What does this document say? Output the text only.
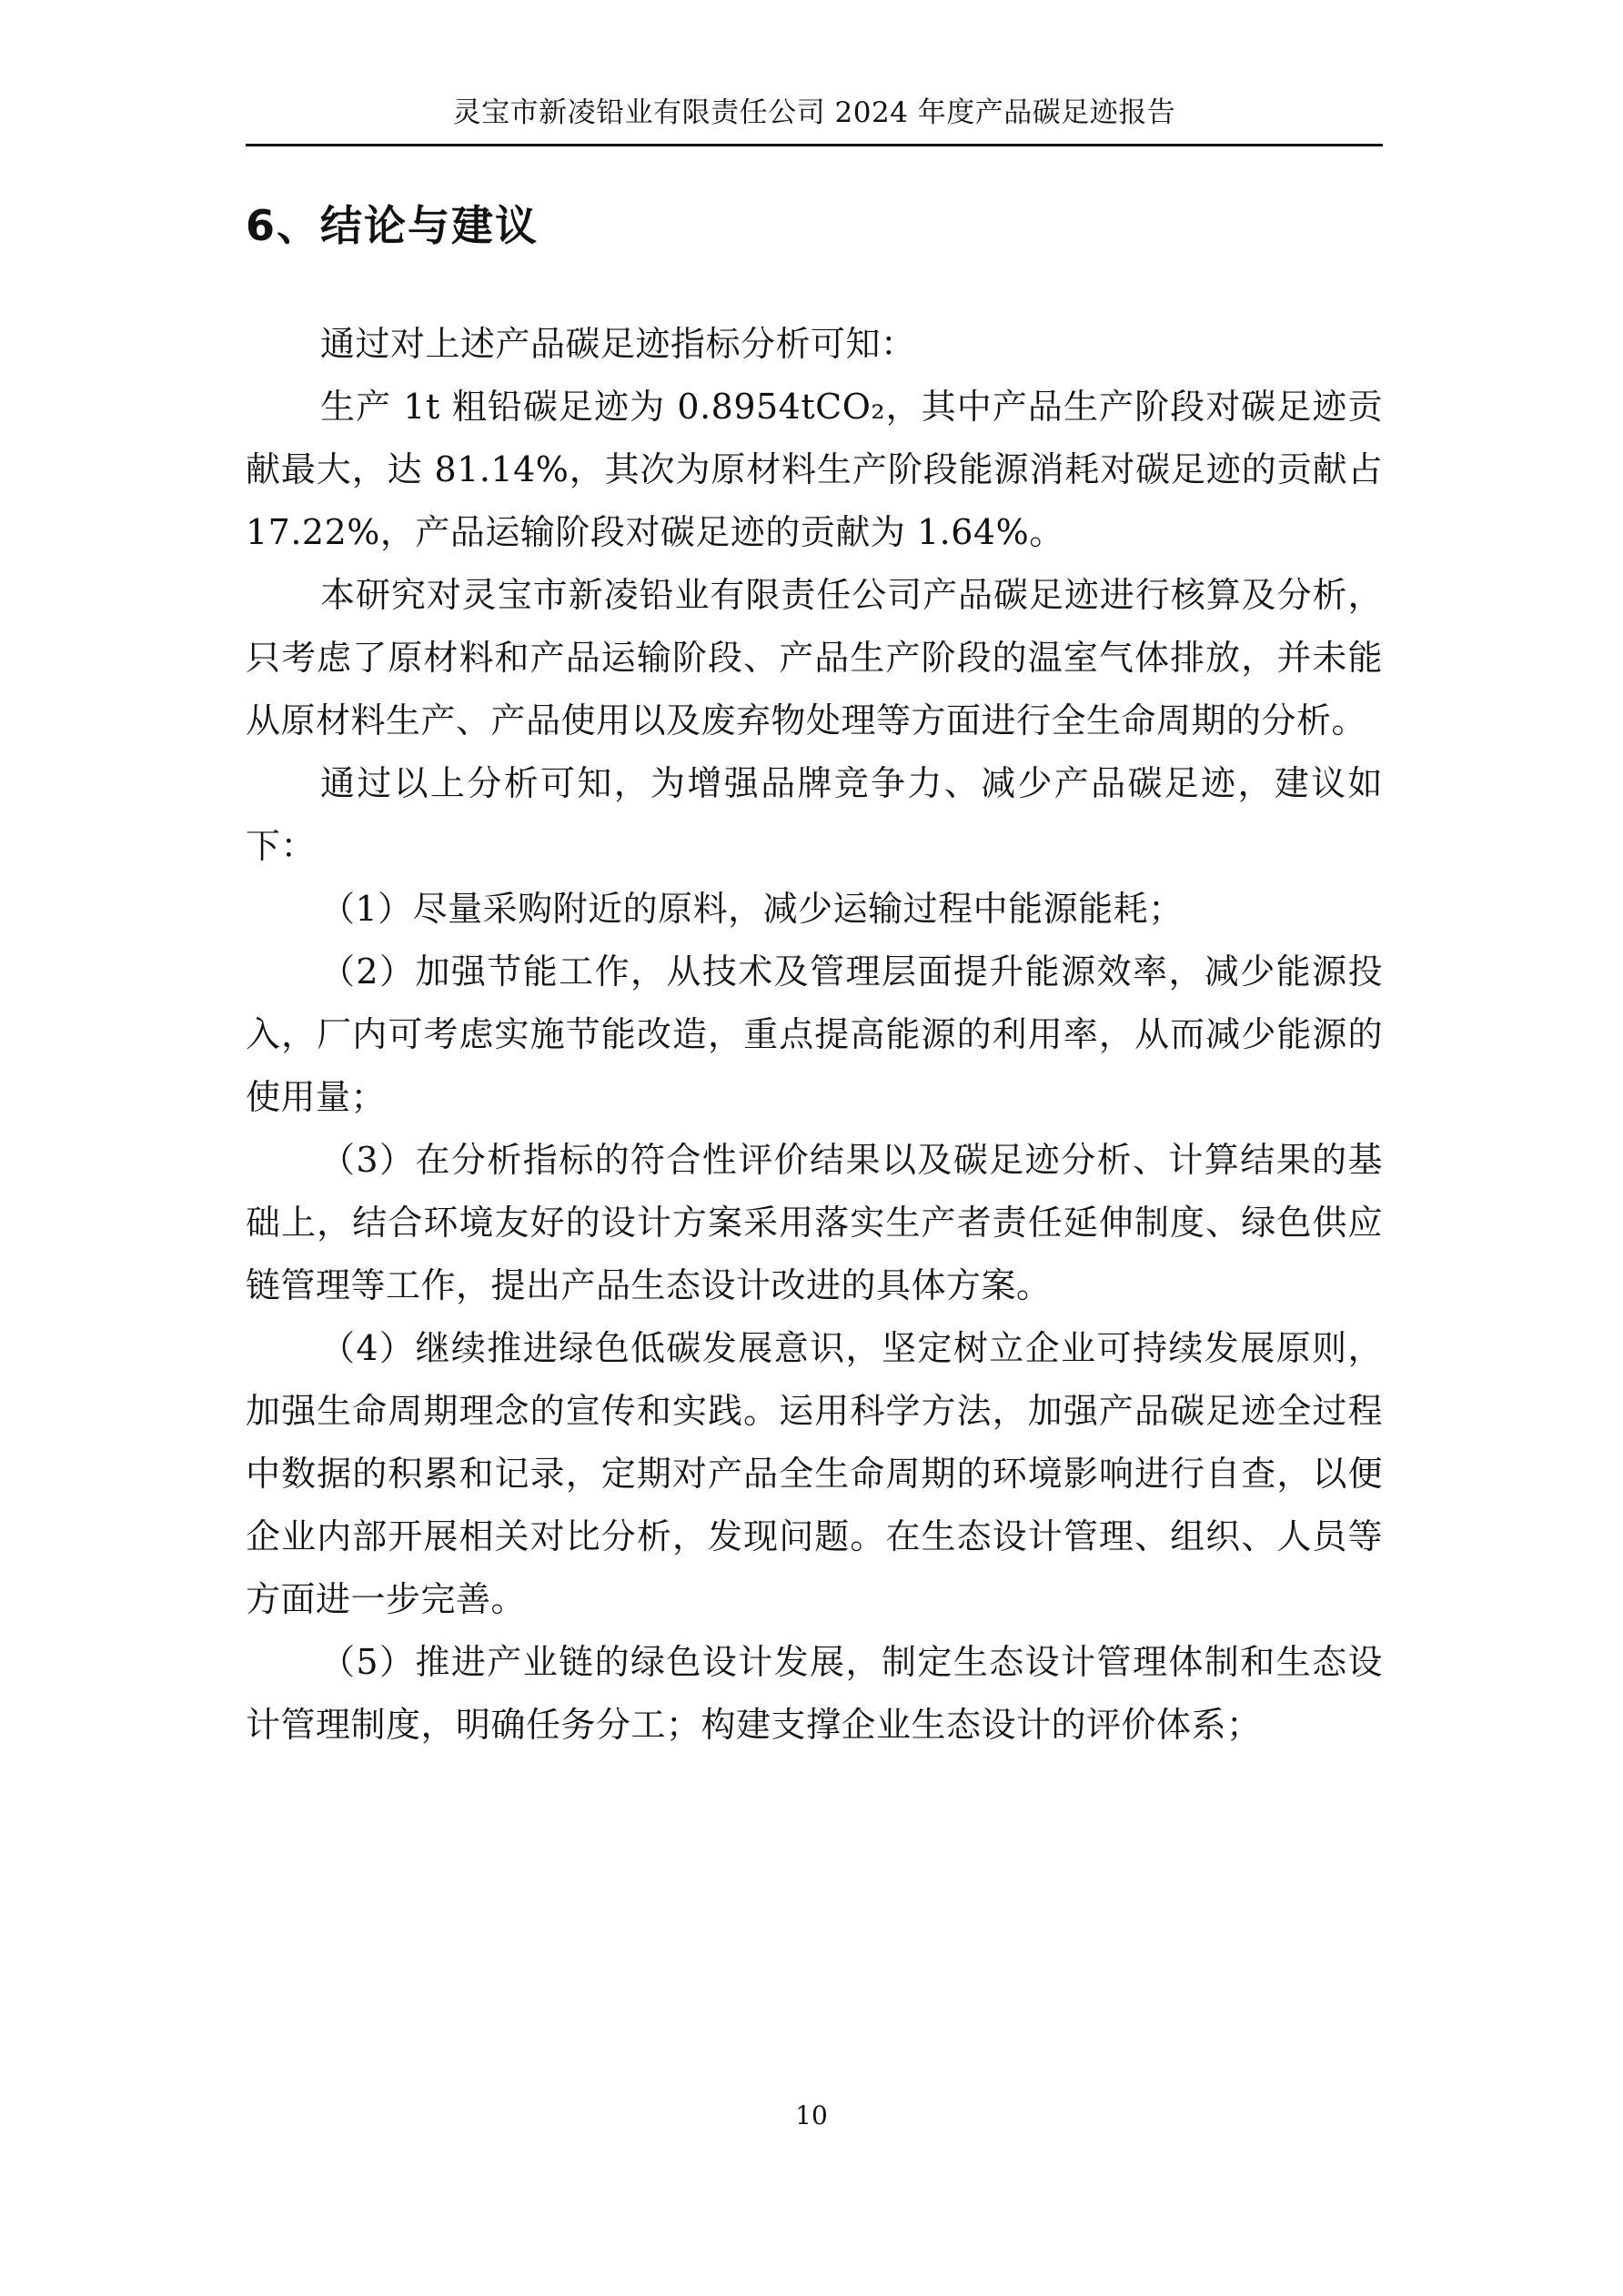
灵宝市新凌铅业有限责任公司 2024 年度产品碳足迹报告
6、结论与建议

通过对上述产品碳足迹指标分析可知：

生产 1t 粗铅碳足迹为 0.8954tCO₂，其中产品生产阶段对碳足迹贡献最大，达 81.14%，其次为原材料生产阶段能源消耗对碳足迹的贡献占 17.22%，产品运输阶段对碳足迹的贡献为 1.64%。

本研究对灵宝市新凌铅业有限责任公司产品碳足迹进行核算及分析，只考虑了原材料和产品运输阶段、产品生产阶段的温室气体排放，并未能从原材料生产、产品使用以及废弃物处理等方面进行全生命周期的分析。

通过以上分析可知，为增强品牌竞争力、减少产品碳足迹，建议如下：

（1）尽量采购附近的原料，减少运输过程中能源能耗；

（2）加强节能工作，从技术及管理层面提升能源效率，减少能源投入，厂内可考虑实施节能改造，重点提高能源的利用率，从而减少能源的使用量；

（3）在分析指标的符合性评价结果以及碳足迹分析、计算结果的基础上，结合环境友好的设计方案采用落实生产者责任延伸制度、绿色供应链管理等工作，提出产品生态设计改进的具体方案。

（4）继续推进绿色低碳发展意识，坚定树立企业可持续发展原则，加强生命周期理念的宣传和实践。运用科学方法，加强产品碳足迹全过程中数据的积累和记录，定期对产品全生命周期的环境影响进行自查，以便企业内部开展相关对比分析，发现问题。在生态设计管理、组织、人员等方面进一步完善。

（5）推进产业链的绿色设计发展，制定生态设计管理体制和生态设计管理制度，明确任务分工；构建支撑企业生态设计的评价体系；

10
